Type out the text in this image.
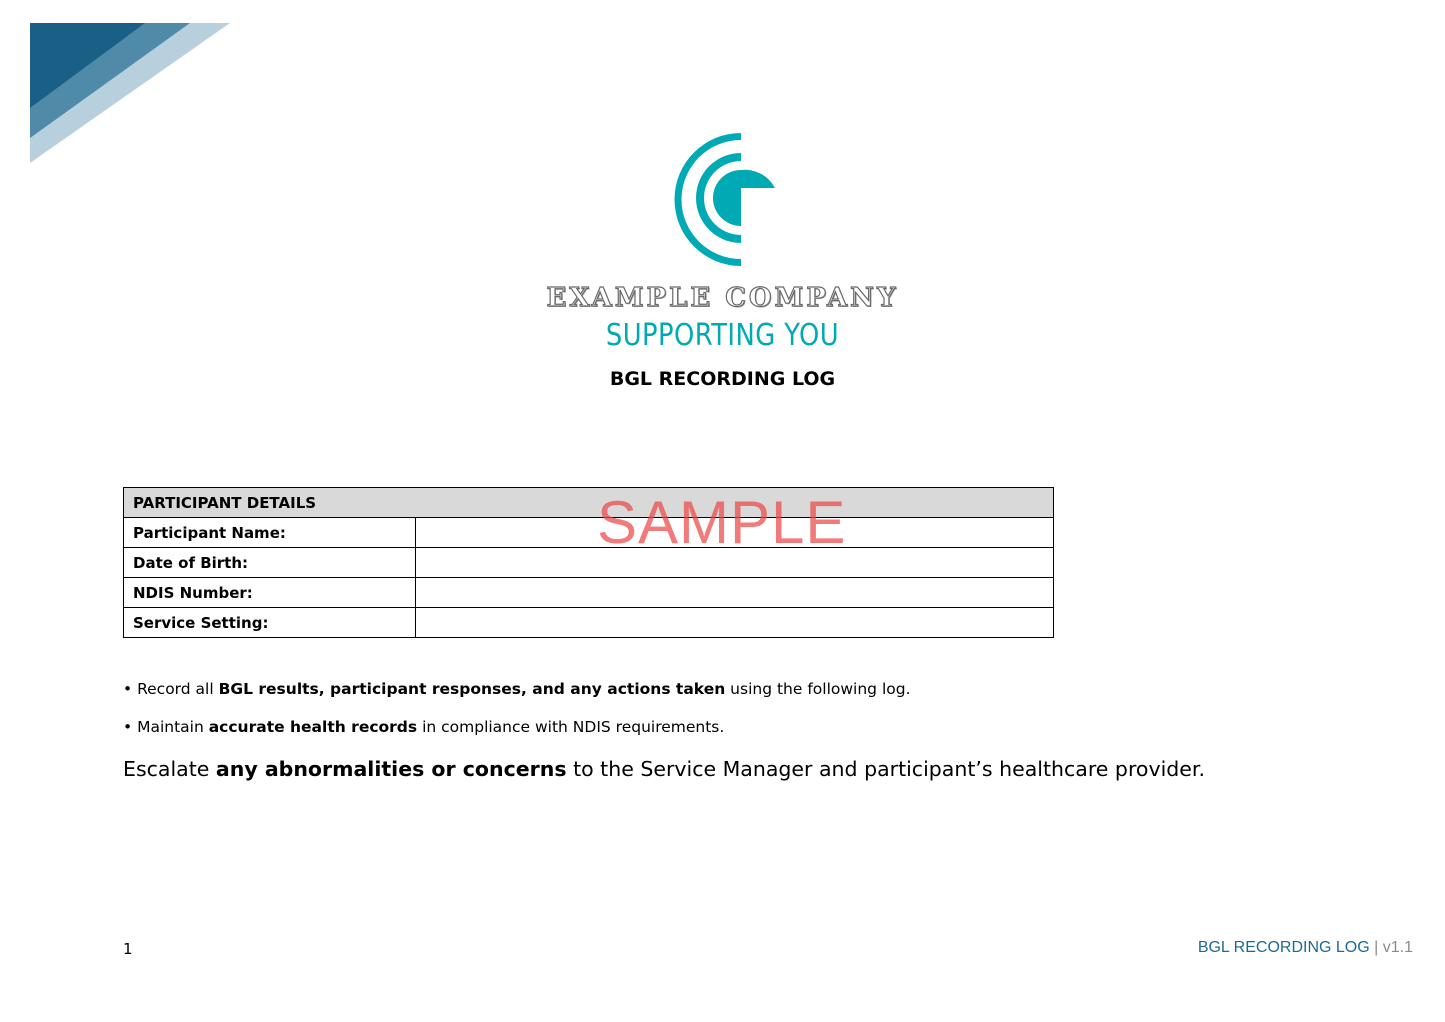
EXAMPLE COMPANY
SUPPORTING YOU
BGL RECORDING LOG
PARTICIPANT DETAILS	
Participant Name:	
Date of Birth:	
NDIS Number:	
Service Setting:	
SAMPLE
• Record all BGL results, participant responses, and any actions taken using the following log.
• Maintain accurate health records in compliance with NDIS requirements.
Escalate any abnormalities or concerns to the Service Manager and participant’s healthcare provider.
1	BGL RECORDING LOG | v1.1
